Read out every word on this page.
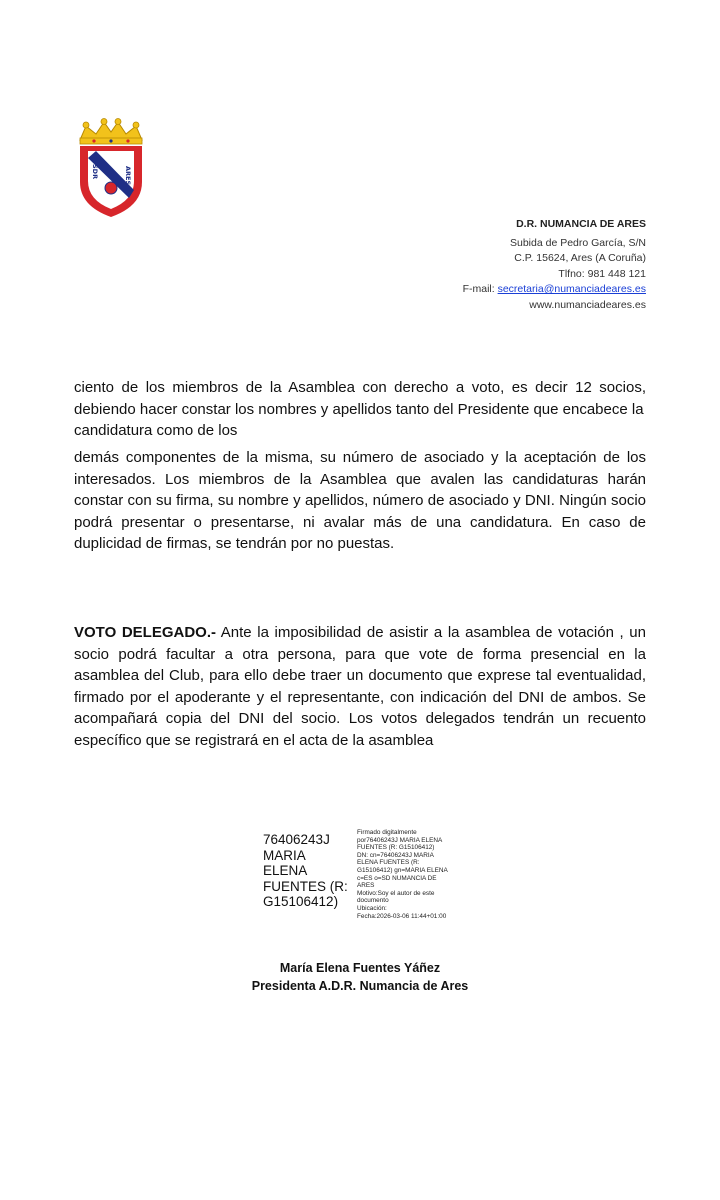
SDR	ARES
D.R. NUMANCIA DE ARES
Subida de Pedro García, S/N
C.P. 15624, Ares (A Coruña)
Tlfno: 981 448 121
F-mail: secretaria@numanciadeares.es
www.numanciadeares.es
ciento de los miembros de la Asamblea con derecho a voto, es decir 12 socios, debiendo hacer constar los nombres y apellidos tanto del Presidente que encabece la
candidatura como de los
demás componentes de la misma, su número de asociado y la aceptación de los interesados. Los miembros de la Asamblea que avalen las candidaturas harán constar con su firma, su nombre y apellidos, número de asociado y DNI. Ningún socio podrá presentar o presentarse, ni avalar más de una candidatura. En caso de duplicidad de firmas, se tendrán por no puestas.
VOTO DELEGADO.- Ante la imposibilidad de asistir a la asamblea de votación , un socio podrá facultar a otra persona, para que vote de forma presencial en la asamblea del Club, para ello debe traer un documento que exprese tal eventualidad, firmado por el apoderante y el representante, con indicación del DNI de ambos. Se acompañará copia del DNI del socio. Los votos delegados tendrán un recuento específico que se registrará en el acta de la asamblea
76406243J
MARIA
ELENA
FUENTES (R:
G15106412)
Firmado digitalmente
por76406243J MARIA ELENA
FUENTES (R: G15106412)
DN: cn=76406243J MARIA
ELENA FUENTES (R:
G15106412) gn=MARIA ELENA
c=ES o=SD NUMANCIA DE
ARES
Motivo:Soy el autor de este
documento
Ubicación:
Fecha:2026-03-06 11:44+01:00
María Elena Fuentes Yáñez
Presidenta A.D.R. Numancia de Ares
